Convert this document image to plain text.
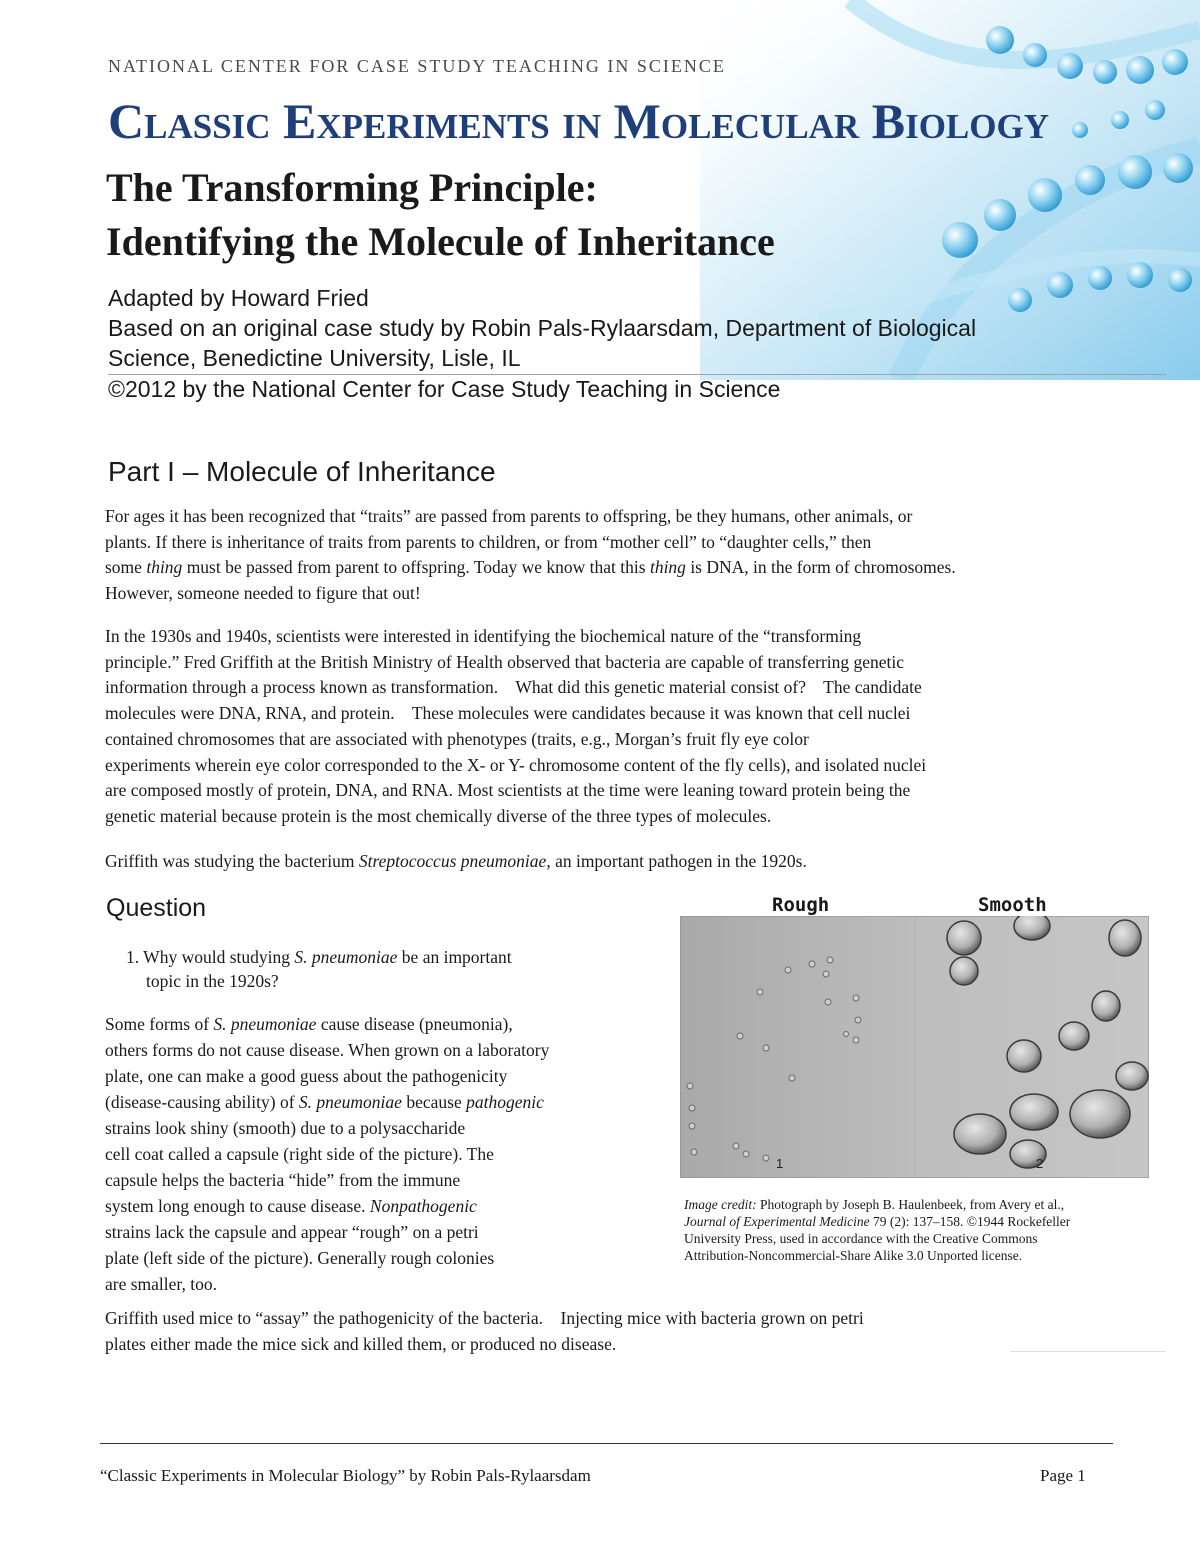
NATIONAL CENTER FOR CASE STUDY TEACHING IN SCIENCE
Classic Experiments in Molecular Biology
The Transforming Principle:
Identifying the Molecule of Inheritance
Adapted by Howard Fried
Based on an original case study by Robin Pals-Rylaarsdam, Department of Biological
Science, Benedictine University, Lisle, IL
©2012 by the National Center for Case Study Teaching in Science
Part I – Molecule of Inheritance
For ages it has been recognized that “traits” are passed from parents to offspring, be they humans, other animals, or
plants. If there is inheritance of traits from parents to children, or from “mother cell” to “daughter cells,” then
some thing must be passed from parent to offspring. Today we know that this thing is DNA, in the form of chromosomes.
However, someone needed to figure that out!
In the 1930s and 1940s, scientists were interested in identifying the biochemical nature of the “transforming
principle.” Fred Griffith at the British Ministry of Health observed that bacteria are capable of transferring genetic
information through a process known as transformation.    What did this genetic material consist of?    The candidate
molecules were DNA, RNA, and protein.    These molecules were candidates because it was known that cell nuclei
contained chromosomes that are associated with phenotypes (traits, e.g., Morgan’s fruit fly eye color
experiments wherein eye color corresponded to the X- or Y- chromosome content of the fly cells), and isolated nuclei
are composed mostly of protein, DNA, and RNA. Most scientists at the time were leaning toward protein being the
genetic material because protein is the most chemically diverse of the three types of molecules.
Griffith was studying the bacterium Streptococcus pneumoniae, an important pathogen in the 1920s.
Question
1. Why would studying S. pneumoniae be an important
topic in the 1920s?
Some forms of S. pneumoniae cause disease (pneumonia),
others forms do not cause disease. When grown on a laboratory
plate, one can make a good guess about the pathogenicity
(disease-causing ability) of S. pneumoniae because pathogenic
strains look shiny (smooth) due to a polysaccharide
cell coat called a capsule (right side of the picture). The
capsule helps the bacteria “hide” from the immune
system long enough to cause disease. Nonpathogenic
strains lack the capsule and appear “rough” on a petri
plate (left side of the picture). Generally rough colonies
are smaller, too.
Rough	Smooth
1	2
Image credit: Photograph by Joseph B. Haulenbeek, from Avery et al.,
Journal of Experimental Medicine 79 (2): 137–158. ©1944 Rockefeller
University Press, used in accordance with the Creative Commons
Attribution-Noncommercial-Share Alike 3.0 Unported license.
Griffith used mice to “assay” the pathogenicity of the bacteria.    Injecting mice with bacteria grown on petri
plates either made the mice sick and killed them, or produced no disease.
“Classic Experiments in Molecular Biology” by Robin Pals-Rylaarsdam	Page 1
